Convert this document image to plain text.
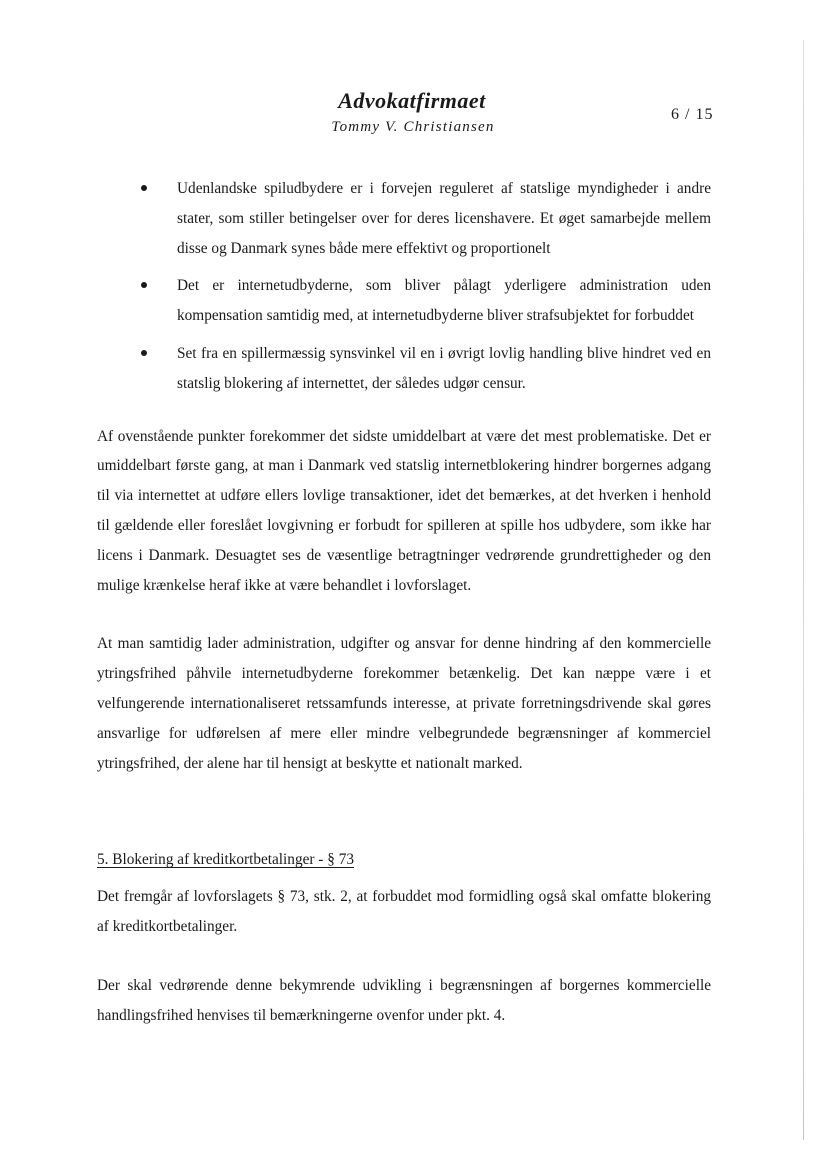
Advokatfirmaet
Tommy V. Christiansen
6 / 15
Udenlandske spiludbydere er i forvejen reguleret af statslige myndigheder i andre stater, som stiller betingelser over for deres licenshavere. Et øget samarbejde mellem disse og Danmark synes både mere effektivt og proportionelt
Det er internetudbyderne, som bliver pålagt yderligere administration uden kompensation samtidig med, at internetudbyderne bliver strafsubjektet for forbuddet
Set fra en spillermæssig synsvinkel vil en i øvrigt lovlig handling blive hindret ved en statslig blokering af internettet, der således udgør censur.

Af ovenstående punkter forekommer det sidste umiddelbart at være det mest problematiske. Det er umiddelbart første gang, at man i Danmark ved statslig internetblokering hindrer borgernes adgang til via internettet at udføre ellers lovlige transaktioner, idet det bemærkes, at det hverken i henhold til gældende eller foreslået lovgivning er forbudt for spilleren at spille hos udbydere, som ikke har licens i Danmark. Desuagtet ses de væsentlige betragtninger vedrørende grundrettigheder og den mulige krænkelse heraf ikke at være behandlet i lovforslaget.

At man samtidig lader administration, udgifter og ansvar for denne hindring af den kommercielle ytringsfrihed påhvile internetudbyderne forekommer betænkelig. Det kan næppe være i et velfungerende internationaliseret retssamfunds interesse, at private forretningsdrivende skal gøres ansvarlige for udførelsen af mere eller mindre velbegrundede begrænsninger af kommerciel ytringsfrihed, der alene har til hensigt at beskytte et nationalt marked.

5. Blokering af kreditkortbetalinger - § 73

Det fremgår af lovforslagets § 73, stk. 2, at forbuddet mod formidling også skal omfatte blokering af kreditkortbetalinger.

Der skal vedrørende denne bekymrende udvikling i begrænsningen af borgernes kommercielle handlingsfrihed henvises til bemærkningerne ovenfor under pkt. 4.
